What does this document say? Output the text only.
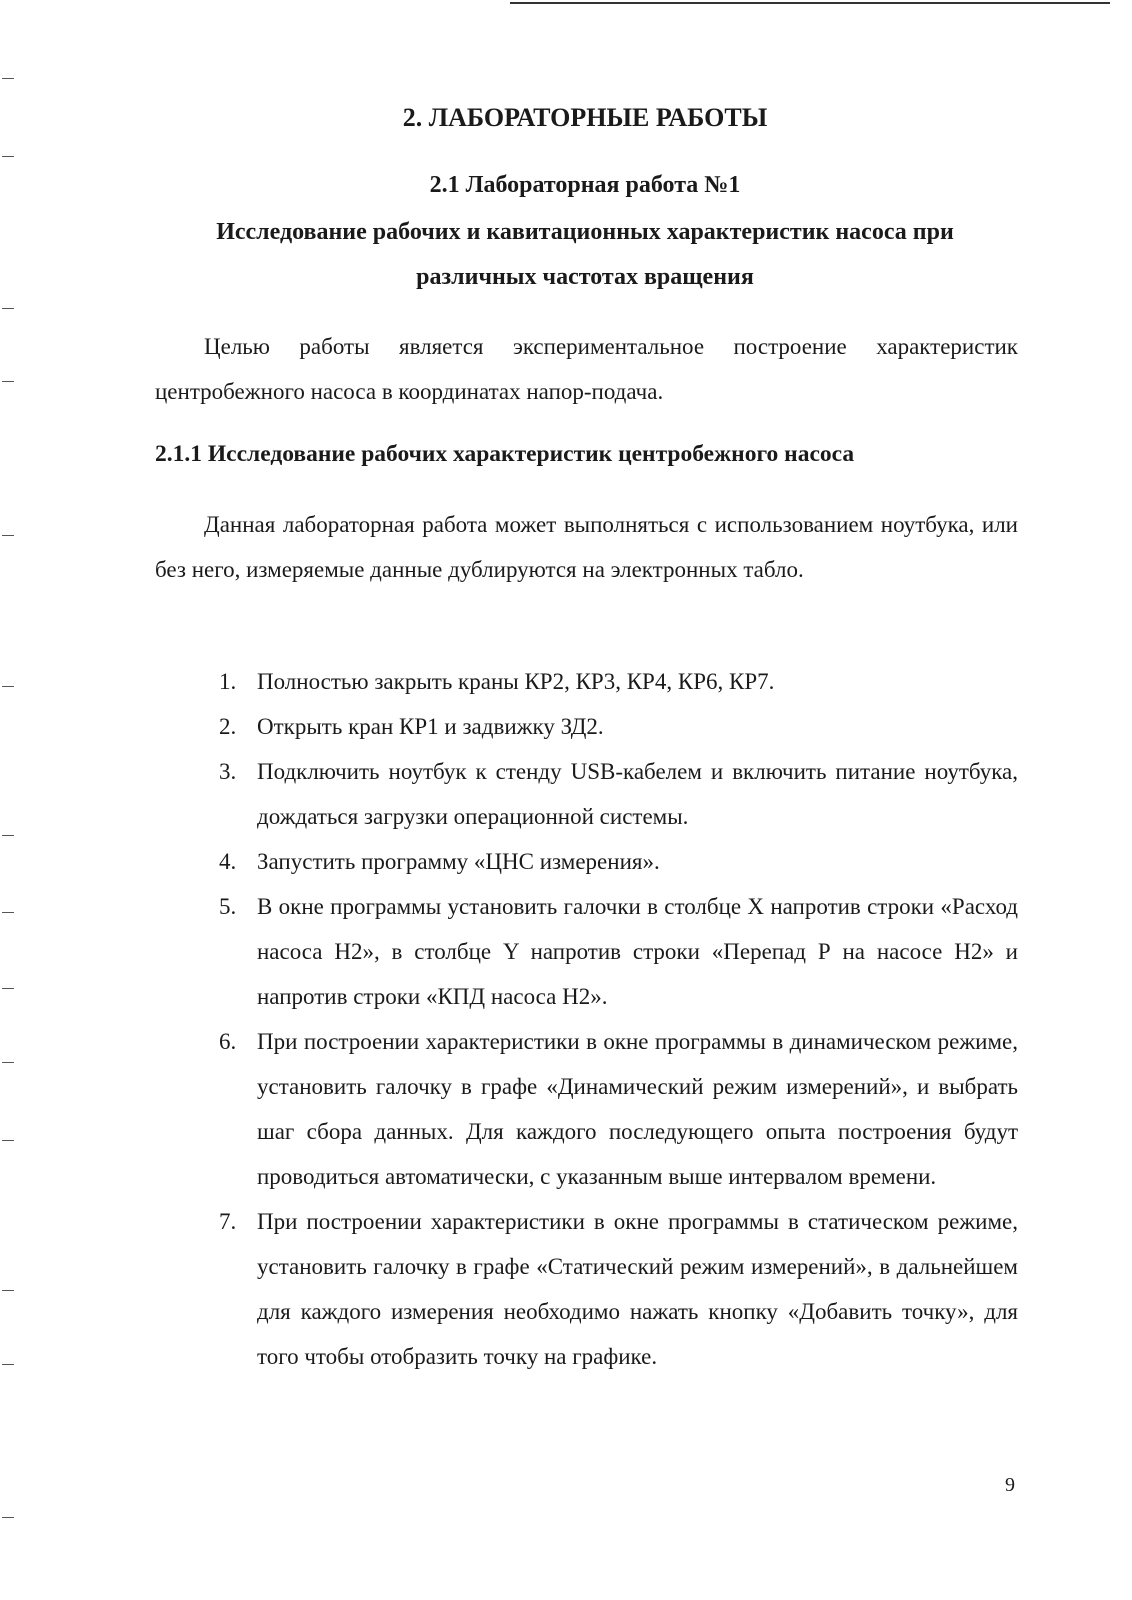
2. ЛАБОРАТОРНЫЕ РАБОТЫ
2.1 Лабораторная работа №1
Исследование рабочих и кавитационных характеристик насоса при
различных частотах вращения
Целью работы является экспериментальное построение характеристик центробежного насоса в координатах напор-подача.
2.1.1 Исследование рабочих характеристик центробежного насоса
Данная лабораторная работа может выполняться с использованием ноутбука, или без него, измеряемые данные дублируются на электронных табло.
1. Полностью закрыть краны КР2, КР3, КР4, КР6, КР7.
2. Открыть кран КР1 и задвижку ЗД2.
3. Подключить ноутбук к стенду USB-кабелем и включить питание ноутбука, дождаться загрузки операционной системы.
4. Запустить программу «ЦНС измерения».
5. В окне программы установить галочки в столбце X напротив строки «Расход насоса Н2», в столбце Y напротив строки «Перепад Р на насосе Н2» и напротив строки «КПД насоса Н2».
6. При построении характеристики в окне программы в динамическом режиме, установить галочку в графе «Динамический режим измерений», и выбрать шаг сбора данных. Для каждого последующего опыта построения будут проводиться автоматически, с указанным выше интервалом времени.
7. При построении характеристики в окне программы в статическом режиме, установить галочку в графе «Статический режим измерений», в дальнейшем для каждого измерения необходимо нажать кнопку «Добавить точку», для того чтобы отобразить точку на графике.
9
